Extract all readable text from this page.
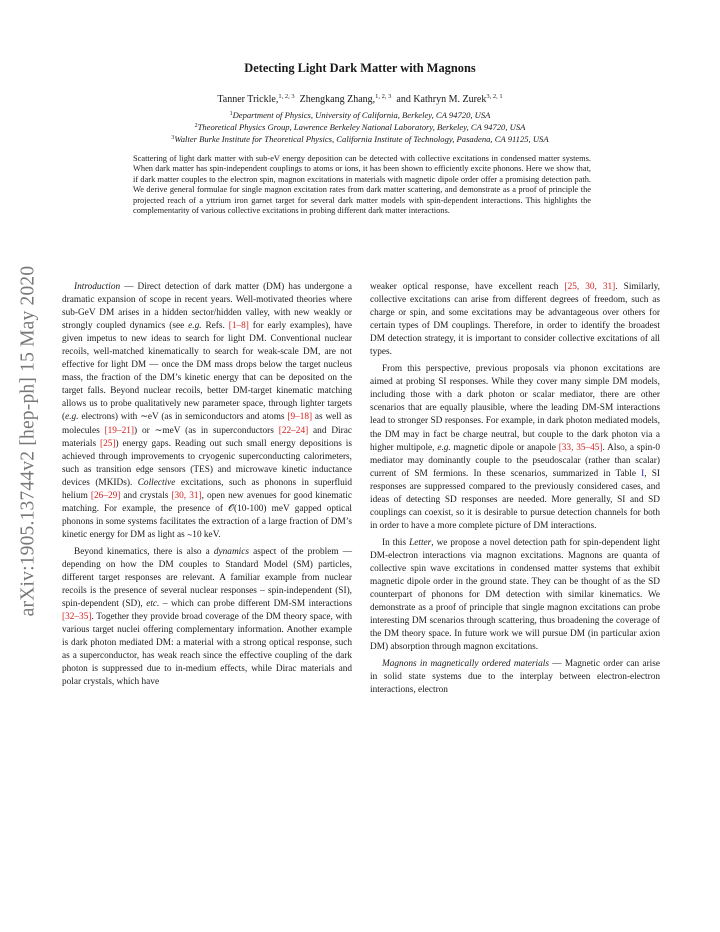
arXiv:1905.13744v2 [hep-ph] 15 May 2020
Detecting Light Dark Matter with Magnons
Tanner Trickle,$^{1, 2, 3}$ Zhengkang Zhang,$^{1, 2, 3}$ and Kathryn M. Zurek$^{3, 2, 1}$
$^1$Department of Physics, University of California, Berkeley, CA 94720, USA
$^2$Theoretical Physics Group, Lawrence Berkeley National Laboratory, Berkeley, CA 94720, USA
$^3$Walter Burke Institute for Theoretical Physics, California Institute of Technology, Pasadena, CA 91125, USA
Scattering of light dark matter with sub-eV energy deposition can be detected with collective excitations in condensed matter systems. When dark matter has spin-independent couplings to atoms or ions, it has been shown to efficiently excite phonons. Here we show that, if dark matter couples to the electron spin, magnon excitations in materials with magnetic dipole order offer a promising detection path. We derive general formulae for single magnon excitation rates from dark matter scattering, and demonstrate as a proof of principle the projected reach of a yttrium iron garnet target for several dark matter models with spin-dependent interactions. This highlights the complementarity of various collective excitations in probing different dark matter interactions.

Introduction — Direct detection of dark matter (DM) has undergone a dramatic expansion of scope in recent years. Well-motivated theories where sub-GeV DM arises in a hidden sector/hidden valley, with new weakly or strongly coupled dynamics (see e.g. Refs. [1–8] for early examples), have given impetus to new ideas to search for light DM. Conventional nuclear recoils, well-matched kinematically to search for weak-scale DM, are not effective for light DM — once the DM mass drops below the target nucleus mass, the fraction of the DM’s kinetic energy that can be deposited on the target falls. Beyond nuclear recoils, better DM-target kinematic matching allows us to probe qualitatively new parameter space, through lighter targets (e.g. electrons) with ∼eV (as in semiconductors and atoms [9–18] as well as molecules [19–21]) or ∼meV (as in superconductors [22–24] and Dirac materials [25]) energy gaps. Reading out such small energy depositions is achieved through improvements to cryogenic superconducting calorimeters, such as transition edge sensors (TES) and microwave kinetic inductance devices (MKIDs). Collective excitations, such as phonons in superfluid helium [26–29] and crystals [30, 31], open new avenues for good kinematic matching. For example, the presence of 𝒪(10-100) meV gapped optical phonons in some systems facilitates the extraction of a large fraction of DM’s kinetic energy for DM as light as ∼10 keV.

Beyond kinematics, there is also a dynamics aspect of the problem — depending on how the DM couples to Standard Model (SM) particles, different target responses are relevant. A familiar example from nuclear recoils is the presence of several nuclear responses – spin-independent (SI), spin-dependent (SD), etc. – which can probe different DM-SM interactions [32–35]. Together they provide broad coverage of the DM theory space, with various target nuclei offering complementary information. Another example is dark photon mediated DM: a material with a strong optical response, such as a superconductor, has weak reach since the effective coupling of the dark photon is suppressed due to in-medium effects, while Dirac materials and polar crystals, which have

weaker optical response, have excellent reach [25, 30, 31]. Similarly, collective excitations can arise from different degrees of freedom, such as charge or spin, and some excitations may be advantageous over others for certain types of DM couplings. Therefore, in order to identify the broadest DM detection strategy, it is important to consider collective excitations of all types.

From this perspective, previous proposals via phonon excitations are aimed at probing SI responses. While they cover many simple DM models, including those with a dark photon or scalar mediator, there are other scenarios that are equally plausible, where the leading DM-SM interactions lead to stronger SD responses. For example, in dark photon mediated models, the DM may in fact be charge neutral, but couple to the dark photon via a higher multipole, e.g. magnetic dipole or anapole [33, 35–45]. Also, a spin-0 mediator may dominantly couple to the pseudoscalar (rather than scalar) current of SM fermions. In these scenarios, summarized in Table I, SI responses are suppressed compared to the previously considered cases, and ideas of detecting SD responses are needed. More generally, SI and SD couplings can coexist, so it is desirable to pursue detection channels for both in order to have a more complete picture of DM interactions.

In this Letter, we propose a novel detection path for spin-dependent light DM-electron interactions via magnon excitations. Magnons are quanta of collective spin wave excitations in condensed matter systems that exhibit magnetic dipole order in the ground state. They can be thought of as the SD counterpart of phonons for DM detection with similar kinematics. We demonstrate as a proof of principle that single magnon excitations can probe interesting DM scenarios through scattering, thus broadening the coverage of the DM theory space. In future work we will pursue DM (in particular axion DM) absorption through magnon excitations.

Magnons in magnetically ordered materials — Magnetic order can arise in solid state systems due to the interplay between electron-electron interactions, electron
